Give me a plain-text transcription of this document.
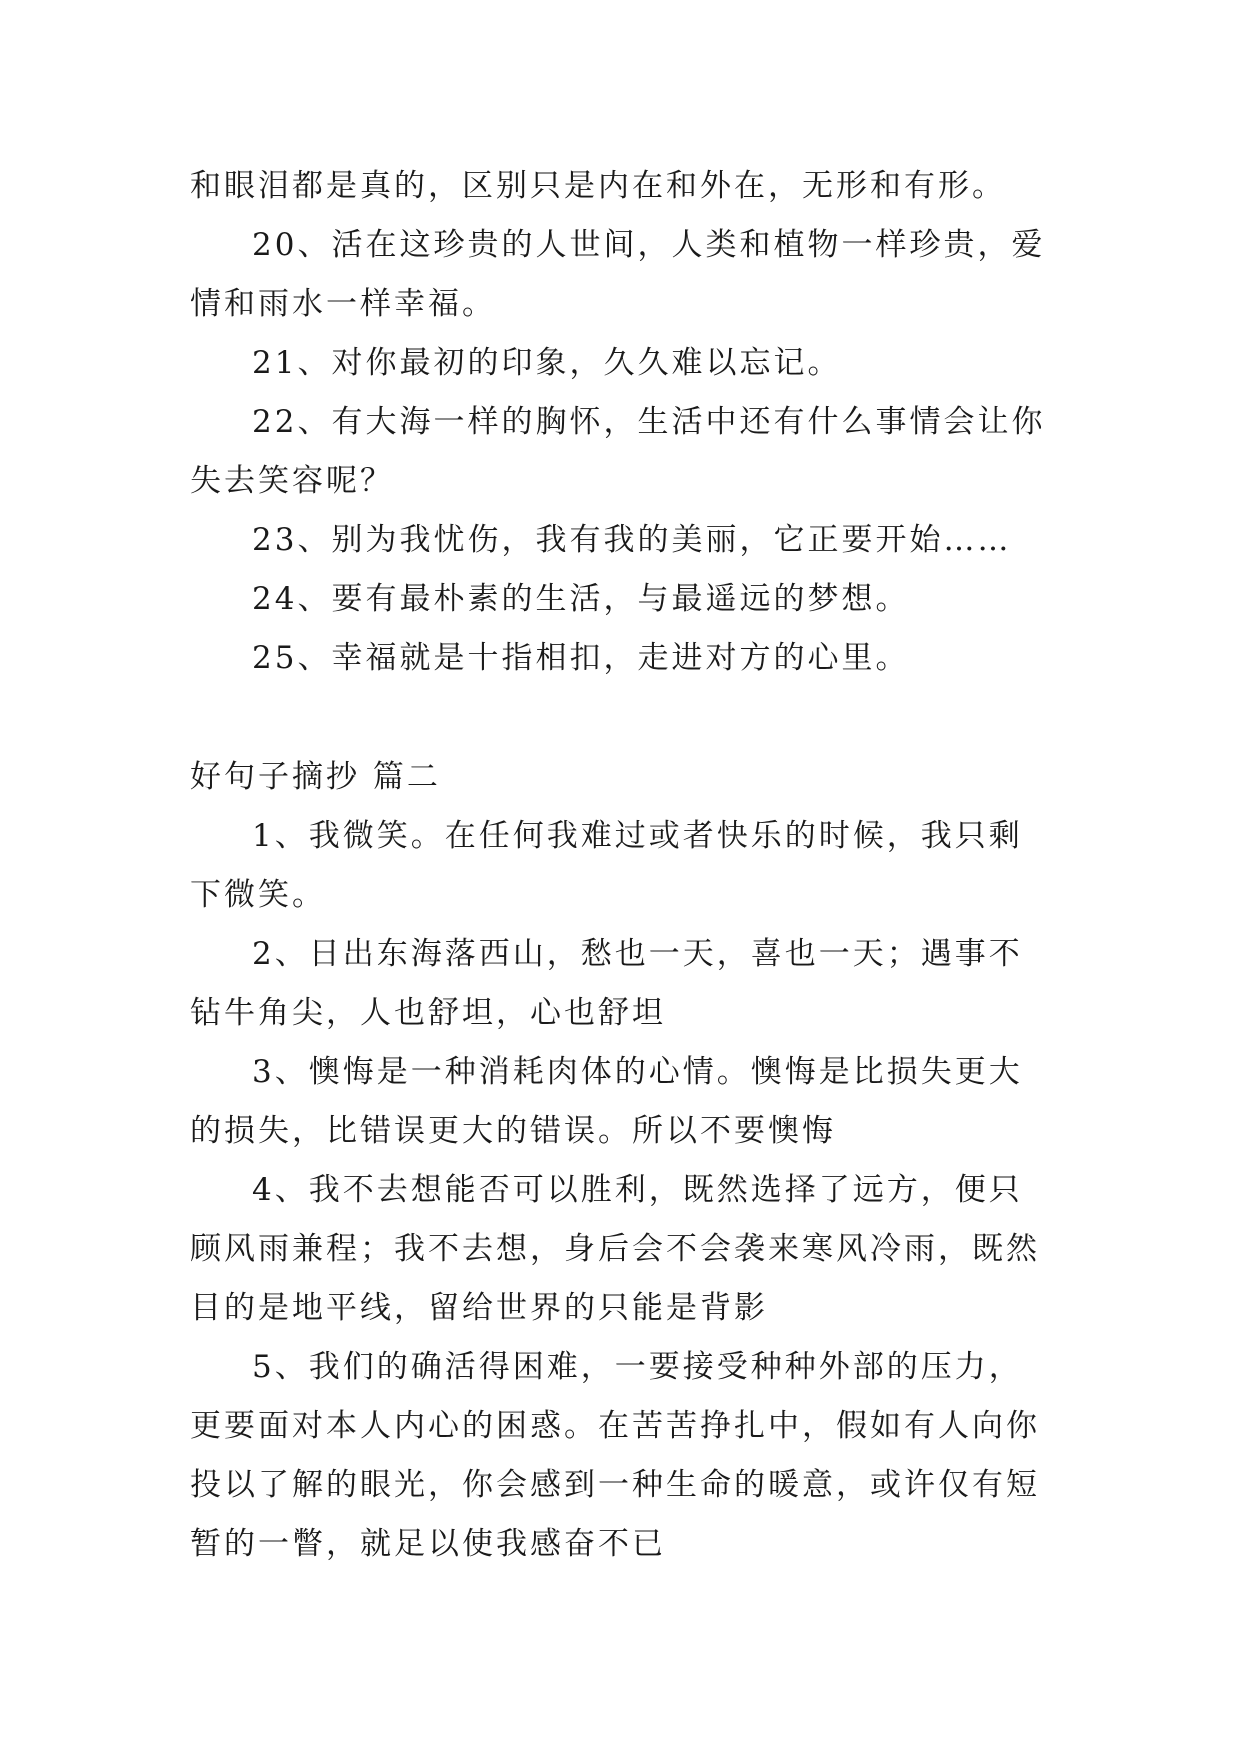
和眼泪都是真的，区别只是内在和外在，无形和有形。

20、活在这珍贵的人世间，人类和植物一样珍贵，爱情和雨水一样幸福。

21、对你最初的印象，久久难以忘记。

22、有大海一样的胸怀，生活中还有什么事情会让你失去笑容呢？

23、别为我忧伤，我有我的美丽，它正要开始……

24、要有最朴素的生活，与最遥远的梦想。

25、幸福就是十指相扣，走进对方的心里。

好句子摘抄 篇二

1、我微笑。在任何我难过或者快乐的时候，我只剩下微笑。

2、日出东海落西山，愁也一天，喜也一天；遇事不钻牛角尖，人也舒坦，心也舒坦

3、懊悔是一种消耗肉体的心情。懊悔是比损失更大的损失，比错误更大的错误。所以不要懊悔

4、我不去想能否可以胜利，既然选择了远方，便只顾风雨兼程；我不去想，身后会不会袭来寒风冷雨，既然目的是地平线，留给世界的只能是背影

5、我们的确活得困难，一要接受种种外部的压力，更要面对本人内心的困惑。在苦苦挣扎中，假如有人向你投以了解的眼光，你会感到一种生命的暖意，或许仅有短暂的一瞥，就足以使我感奋不已
